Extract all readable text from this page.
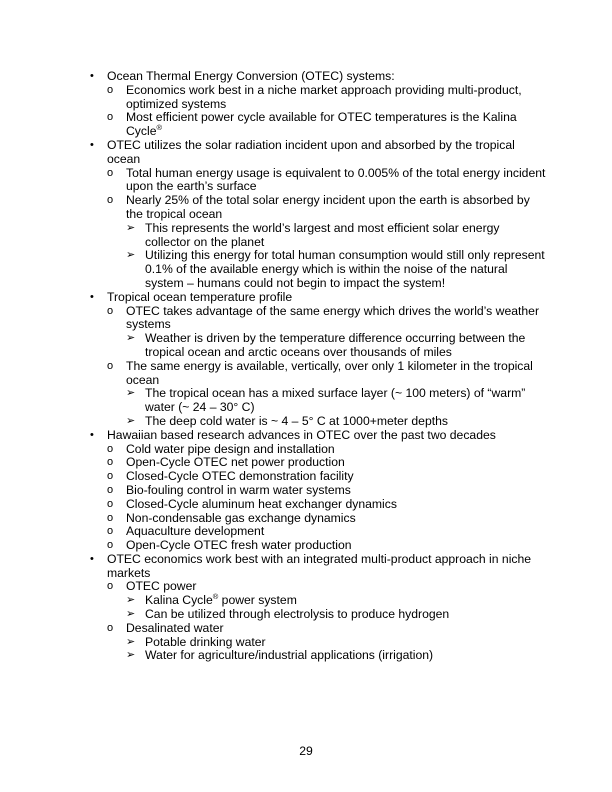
• Ocean Thermal Energy Conversion (OTEC) systems:
o Economics work best in a niche market approach providing multi-product, optimized systems
o Most efficient power cycle available for OTEC temperatures is the Kalina Cycle®
• OTEC utilizes the solar radiation incident upon and absorbed by the tropical ocean
o Total human energy usage is equivalent to 0.005% of the total energy incident upon the earth’s surface
o Nearly 25% of the total solar energy incident upon the earth is absorbed by the tropical ocean
➢ This represents the world’s largest and most efficient solar energy collector on the planet
➢ Utilizing this energy for total human consumption would still only represent 0.1% of the available energy which is within the noise of the natural system – humans could not begin to impact the system!
• Tropical ocean temperature profile
o OTEC takes advantage of the same energy which drives the world’s weather systems
➢ Weather is driven by the temperature difference occurring between the tropical ocean and arctic oceans over thousands of miles
o The same energy is available, vertically, over only 1 kilometer in the tropical ocean
➢ The tropical ocean has a mixed surface layer (~ 100 meters) of “warm” water (~ 24 – 30° C)
➢ The deep cold water is ~ 4 – 5° C at 1000+meter depths
• Hawaiian based research advances in OTEC over the past two decades
o Cold water pipe design and installation
o Open-Cycle OTEC net power production
o Closed-Cycle OTEC demonstration facility
o Bio-fouling control in warm water systems
o Closed-Cycle aluminum heat exchanger dynamics
o Non-condensable gas exchange dynamics
o Aquaculture development
o Open-Cycle OTEC fresh water production
• OTEC economics work best with an integrated multi-product approach in niche markets
o OTEC power
➢ Kalina Cycle® power system
➢ Can be utilized through electrolysis to produce hydrogen
o Desalinated water
➢ Potable drinking water
➢ Water for agriculture/industrial applications (irrigation)
29
